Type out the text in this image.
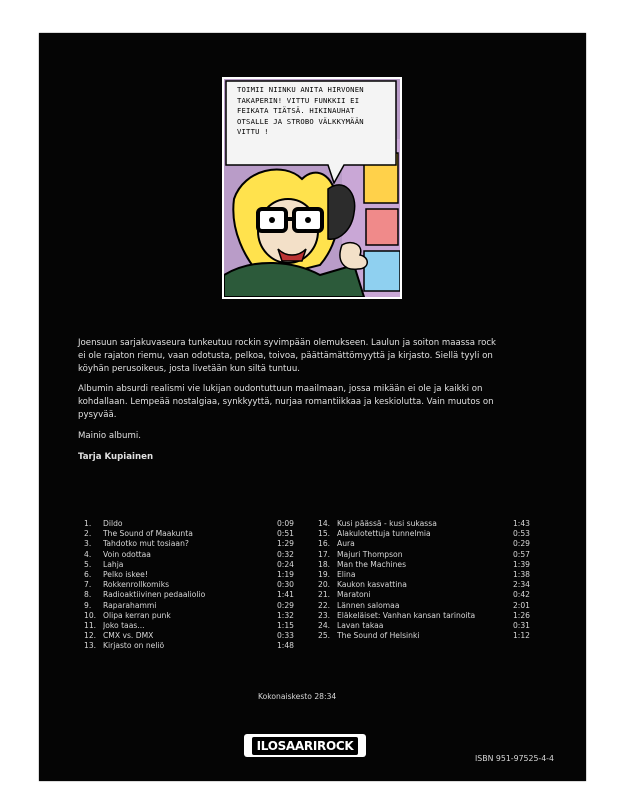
TOIMII NIINKU ANITA HIRVONEN TAKAPERIN! VITTU FUNKKII EI FEIKATA TIÄTSÄ. HIKINAUHAT OTSALLE JA STROBO VÄLKKYMÄÄN VITTU !

Joensuun sarjakuvaseura tunkeutuu rockin syvimpään olemukseen. Laulun ja soiton maassa rock ei ole rajaton riemu, vaan odotusta, pelkoa, toivoa, päättämättömyyttä ja kirjasto. Siellä tyyli on köyhän perusoikeus, josta livetään kun siltä tuntuu.

Albumin absurdi realismi vie lukijan oudontuttuun maailmaan, jossa mikään ei ole ja kaikki on kohdallaan. Lempeää nostalgiaa, synkkyyttä, nurjaa romantiikkaa ja keskiolutta. Vain muutos on pysyvää.

Mainio albumi.

Tarja Kupiainen

1.	Dildo	0:09
2.	The Sound of Maakunta	0:51
3.	Tahdotko mut tosiaan?	1:29
4.	Voin odottaa	0:32
5.	Lahja	0:24
6.	Pelko iskee!	1:19
7.	Rokkenrollkomiks	0:30
8.	Radioaktiivinen pedaaliolio	1:41
9.	Raparahammi	0:29
10. Olipa kerran punk	1:32
11. Joko taas...	1:15
12. CMX vs. DMX	0:33
13. Kirjasto on neliö	1:48
14. Kusi päässä - kusi sukassa	1:43
15. Alakulotettuja tunnelmia	0:53
16. Aura	0:29
17. Majuri Thompson	0:57
18. Man the Machines	1:39
19. Elina	1:38
20. Kaukon kasvattina	2:34
21. Maratoni	0:42
22. Lännen salomaa	2:01
23. Eläkeläiset: Vanhan kansan tarinoita	1:26
24. Lavan takaa	0:31
25. The Sound of Helsinki	1:12
Kokonaiskesto 28:34
ILOSAARIROCK
ISBN 951-97525-4-4
